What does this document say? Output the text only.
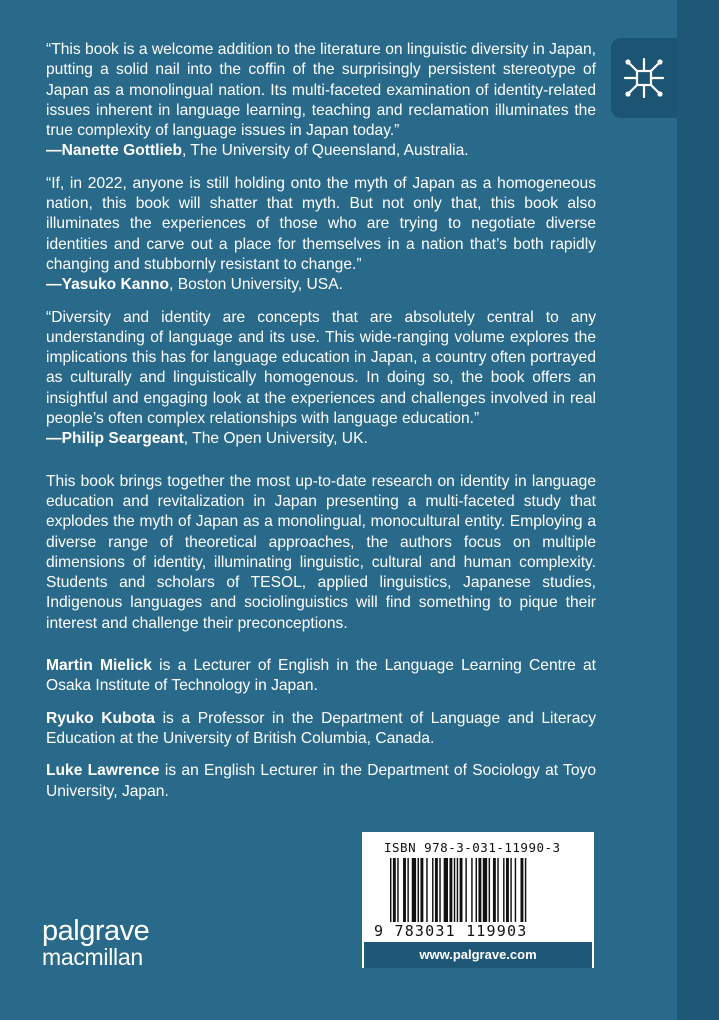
“This book is a welcome addition to the literature on linguistic diversity in Japan, putting a solid nail into the coffin of the surprisingly persistent stereotype of Japan as a monolingual nation. Its multi-faceted examination of identity-related issues inherent in language learning, teaching and reclamation illuminates the true complexity of language issues in Japan today.”
—Nanette Gottlieb, The University of Queensland, Australia.
“If, in 2022, anyone is still holding onto the myth of Japan as a homogeneous nation, this book will shatter that myth. But not only that, this book also illuminates the experiences of those who are trying to negotiate diverse identities and carve out a place for themselves in a nation that’s both rapidly changing and stubbornly resistant to change.”
—Yasuko Kanno, Boston University, USA.
“Diversity and identity are concepts that are absolutely central to any understanding of language and its use. This wide-ranging volume explores the implications this has for language education in Japan, a country often portrayed as culturally and linguistically homogenous. In doing so, the book offers an insightful and engaging look at the experiences and challenges involved in real people’s often complex relationships with language education.”
—Philip Seargeant, The Open University, UK.

This book brings together the most up-to-date research on identity in language education and revitalization in Japan presenting a multi-faceted study that explodes the myth of Japan as a monolingual, monocultural entity. Employing a diverse range of theoretical approaches, the authors focus on multiple dimensions of identity, illuminating linguistic, cultural and human complexity. Students and scholars of TESOL, applied linguistics, Japanese studies, Indigenous languages and sociolinguistics will find something to pique their interest and challenge their preconceptions.

Martin Mielick is a Lecturer of English in the Language Learning Centre at Osaka Institute of Technology in Japan.

Ryuko Kubota is a Professor in the Department of Language and Literacy Education at the University of British Columbia, Canada.

Luke Lawrence is an English Lecturer in the Department of Sociology at Toyo University, Japan.

ISBN 978-3-031-11990-3
9 783031 119903
www.palgrave.com
palgrave
macmillan
